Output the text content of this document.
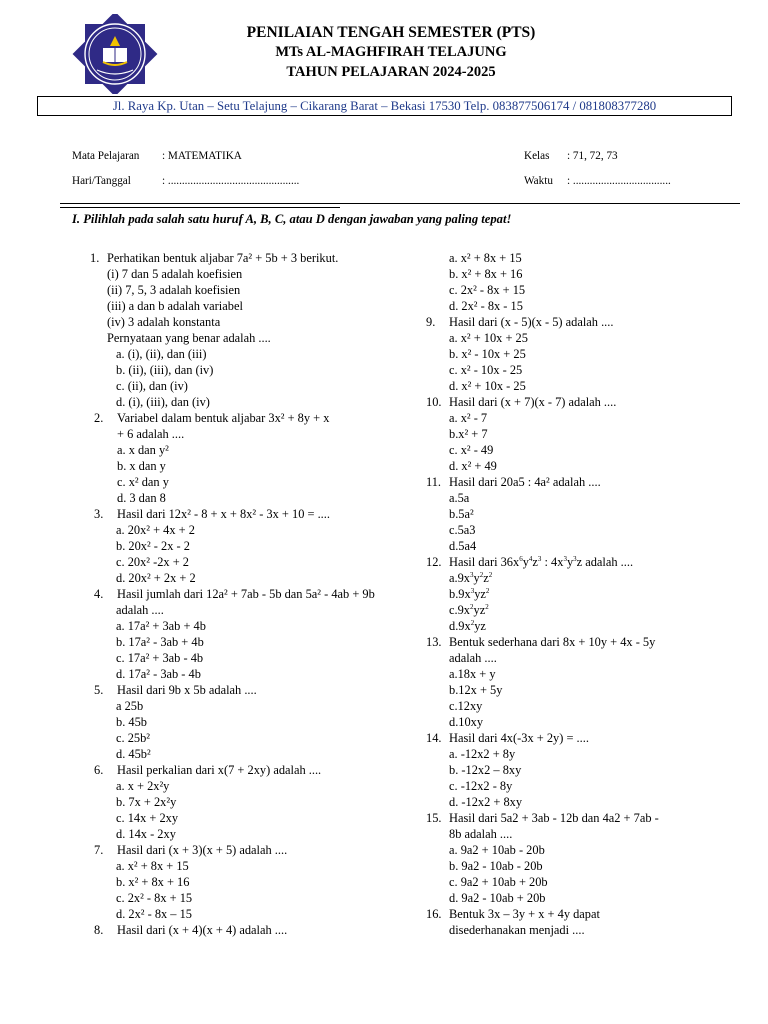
PENILAIAN TENGAH SEMESTER (PTS)
MTs AL-MAGHFIRAH TELAJUNG
TAHUN PELAJARAN 2024-2025
Jl. Raya Kp. Utan – Setu Telajung – Cikarang Barat – Bekasi 17530 Telp. 083877506174 / 081808377280
Mata Pelajaran : MATEMATIKA
Hari/Tanggal	: ...............................................
Kelas : 71, 72, 73
Waktu : ...................................
I. Pilihlah pada salah satu huruf A, B, C, atau D dengan jawaban yang paling tepat!
1. Perhatikan bentuk aljabar 7a² + 5b + 3 berikut.
(i) 7 dan 5 adalah koefisien
(ii) 7, 5, 3 adalah koefisien
(iii) a dan b adalah variabel
(iv) 3 adalah konstanta
Pernyataan yang benar adalah ....
a. (i), (ii), dan (iii)
b. (ii), (iii), dan (iv)
c. (ii), dan (iv)
d. (i), (iii), dan (iv)
2. Variabel dalam bentuk aljabar 3x² + 8y + x
+ 6 adalah ....
a. x dan y²
b. x dan y
c. x² dan y
d. 3 dan 8
3. Hasil dari 12x² - 8 + x + 8x² - 3x + 10 = ....
a. 20x² + 4x + 2
b. 20x² - 2x - 2
c. 20x² -2x + 2
d. 20x² + 2x + 2
4. Hasil jumlah dari 12a² + 7ab - 5b dan 5a² - 4ab + 9b
adalah ....
a. 17a² + 3ab + 4b
b. 17a² - 3ab + 4b
c. 17a² + 3ab - 4b
d. 17a² - 3ab - 4b
5. Hasil dari 9b x 5b adalah ....
a 25b
b. 45b
c. 25b²
d. 45b²
6. Hasil perkalian dari x(7 + 2xy) adalah ....
a. x + 2x²y
b. 7x + 2x²y
c. 14x + 2xy
d. 14x - 2xy
7. Hasil dari (x + 3)(x + 5) adalah ....
a. x² + 8x + 15
b. x² + 8x + 16
c. 2x² - 8x + 15
d. 2x² - 8x – 15
8. Hasil dari (x + 4)(x + 4) adalah ....
a. x² + 8x + 15
b. x² + 8x + 16
c. 2x² - 8x + 15
d. 2x² - 8x - 15
9. Hasil dari (x - 5)(x - 5) adalah ....
a. x² + 10x + 25
b. x² - 10x + 25
c. x² - 10x - 25
d. x² + 10x - 25
10. Hasil dari (x + 7)(x - 7) adalah ....
a. x² - 7
b.x² + 7
c. x² - 49
d. x² + 49
11. Hasil dari 20a5 : 4a² adalah ....
a.5a
b.5a²
c.5a3
d.5a4
12. Hasil dari $36x^6y^4z^3$ : $4x^3y^3z$ adalah ....
$a.9x^3y^2z^2$
$b.9x^3yz^2$
$c.9x^2yz^2$
$d.9x^2yz$
13. Bentuk sederhana dari 8x + 10y + 4x - 5y
adalah ....
a.18x + y
b.12x + 5y
c.12xy
d.10xy
14. Hasil dari 4x(-3x + 2y) = ....
a. -12x2 + 8y
b. -12x2 – 8xy
c. -12x2 - 8y
d. -12x2 + 8xy
15. Hasil dari 5a2 + 3ab - 12b dan 4a2 + 7ab -
8b adalah ....
a. 9a2 + 10ab - 20b
b. 9a2 - 10ab - 20b
c. 9a2 + 10ab + 20b
d. 9a2 - 10ab + 20b
16. Bentuk 3x – 3y + x + 4y dapat
disederhanakan menjadi ....
